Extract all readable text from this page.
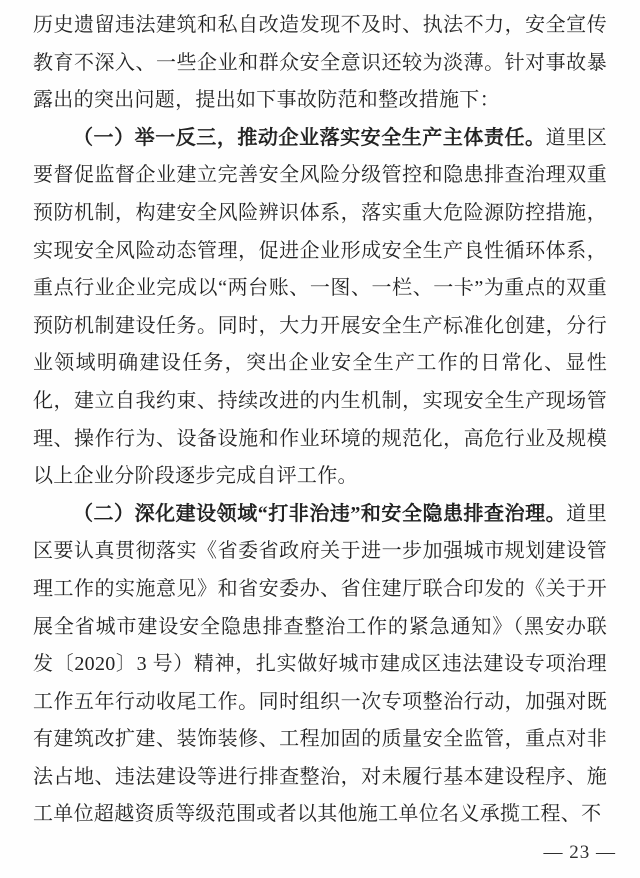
历史遗留违法建筑和私自改造发现不及时、执法不力，安全宣传教育不深入、一些企业和群众安全意识还较为淡薄。针对事故暴露出的突出问题，提出如下事故防范和整改措施下：

（一）举一反三，推动企业落实安全生产主体责任。道里区要督促监督企业建立完善安全风险分级管控和隐患排查治理双重预防机制，构建安全风险辨识体系，落实重大危险源防控措施，实现安全风险动态管理，促进企业形成安全生产良性循环体系，重点行业企业完成以“两台账、一图、一栏、一卡”为重点的双重预防机制建设任务。同时，大力开展安全生产标准化创建，分行业领域明确建设任务，突出企业安全生产工作的日常化、显性化，建立自我约束、持续改进的内生机制，实现安全生产现场管理、操作行为、设备设施和作业环境的规范化，高危行业及规模以上企业分阶段逐步完成自评工作。

（二）深化建设领域“打非治违”和安全隐患排查治理。道里区要认真贯彻落实《省委省政府关于进一步加强城市规划建设管理工作的实施意见》和省安委办、省住建厅联合印发的《关于开展全省城市建设安全隐患排查整治工作的紧急通知》（黑安办联发〔2020〕3 号）精神，扎实做好城市建成区违法建设专项治理工作五年行动收尾工作。同时组织一次专项整治行动，加强对既有建筑改扩建、装饰装修、工程加固的质量安全监管，重点对非法占地、违法建设等进行排查整治，对未履行基本建设程序、施工单位超越资质等级范围或者以其他施工单位名义承揽工程、不

— 23 —
